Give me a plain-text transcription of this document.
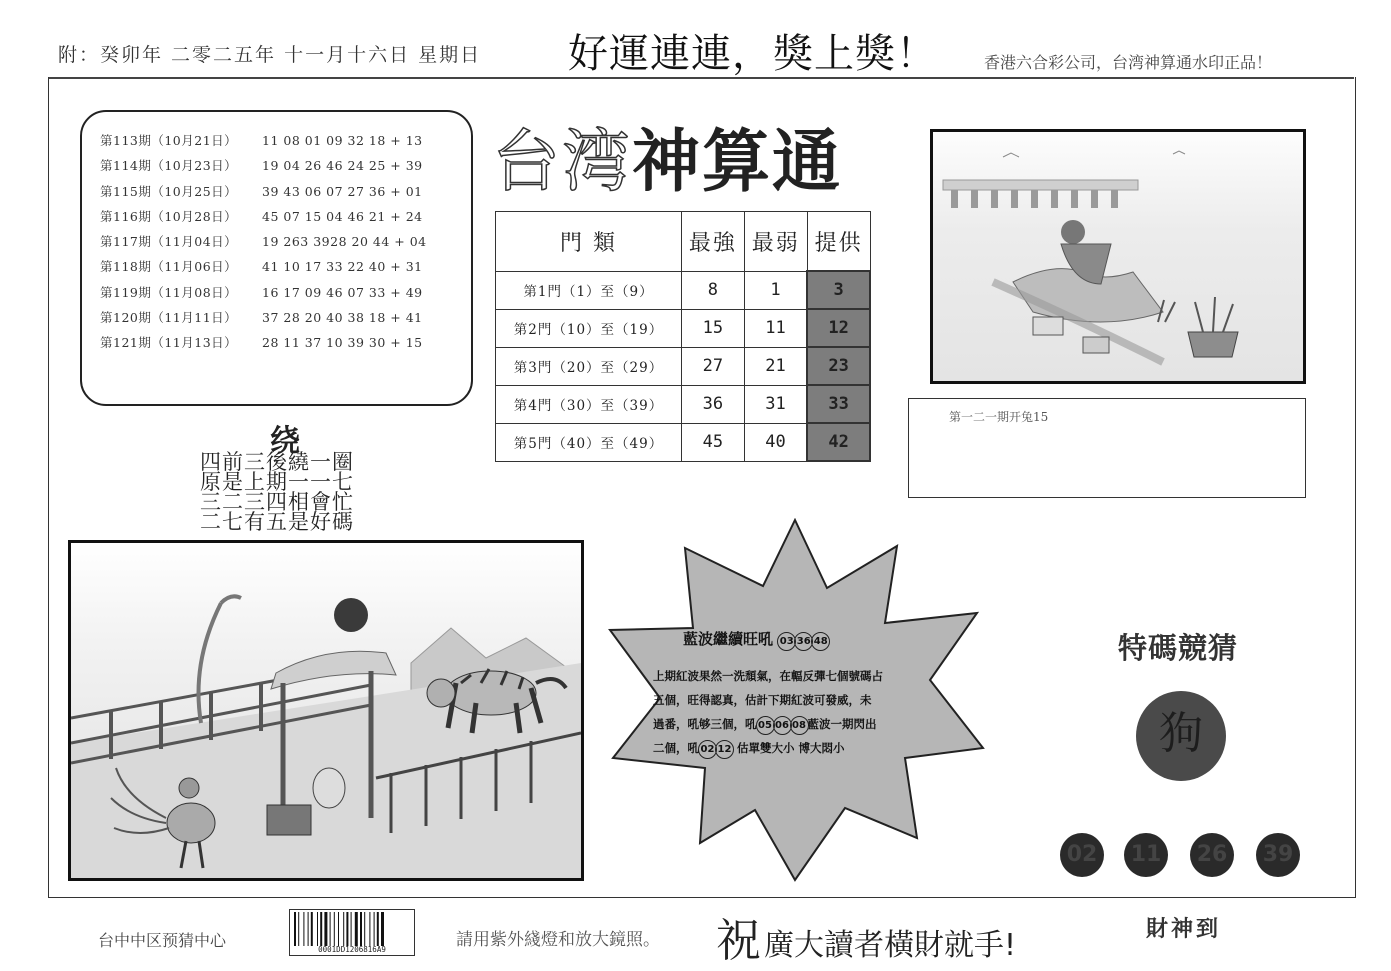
附：癸卯年 二零二五年 十一月十六日 星期日 好運連連，獎上獎！	香港六合彩公司，台湾神算通水印正品！
第113期（10月21日） 11 08 01 09 32 18 + 13
第114期（10月23日） 19 04 26 46 24 25 + 39
第115期（10月25日） 39 43 06 07 27 36 + 01
第116期（10月28日） 45 07 15 04 46 21 + 24
第117期（11月04日） 19 263 3928 20 44 + 04
第118期（11月06日） 41 10 17 33 22 40 + 31
第119期（11月08日） 16 17 09 46 07 33 + 49
第120期（11月11日） 37 28 20 40 38 18 + 41
第121期（11月13日） 28 11 37 10 39 30 + 15
台湾神算通
門 類	最強	最弱	提供
第1門（1）至（9）	8	1	3
第2門（10）至（19）	15	11	12
第3門（20）至（29）	27	21	23
第4門（30）至（39）	36	31	33
第5門（40）至（49）	45	40	42
第一二一期开兔15
绕
四前三後繞一圈
原是上期一一七
三二三四相會忙
二七有五是好碼
藍波繼續旺吼 03 36 48
上期紅波果然一洗頹氣，在輻反彈七個號碼占
五個，旺得認真，估計下期紅波可發威，未
過番，吼够三個，吼 05 06 08 藍波一期閃出
二個，吼 02 12 估單雙大小 博大悶小
特碼競猜
狗
02	11	26	39
台中中区预猜中心	0001DD1206816A9	請用紫外綫燈和放大鏡照。 祝 廣大讀者橫財就手!	財神到
